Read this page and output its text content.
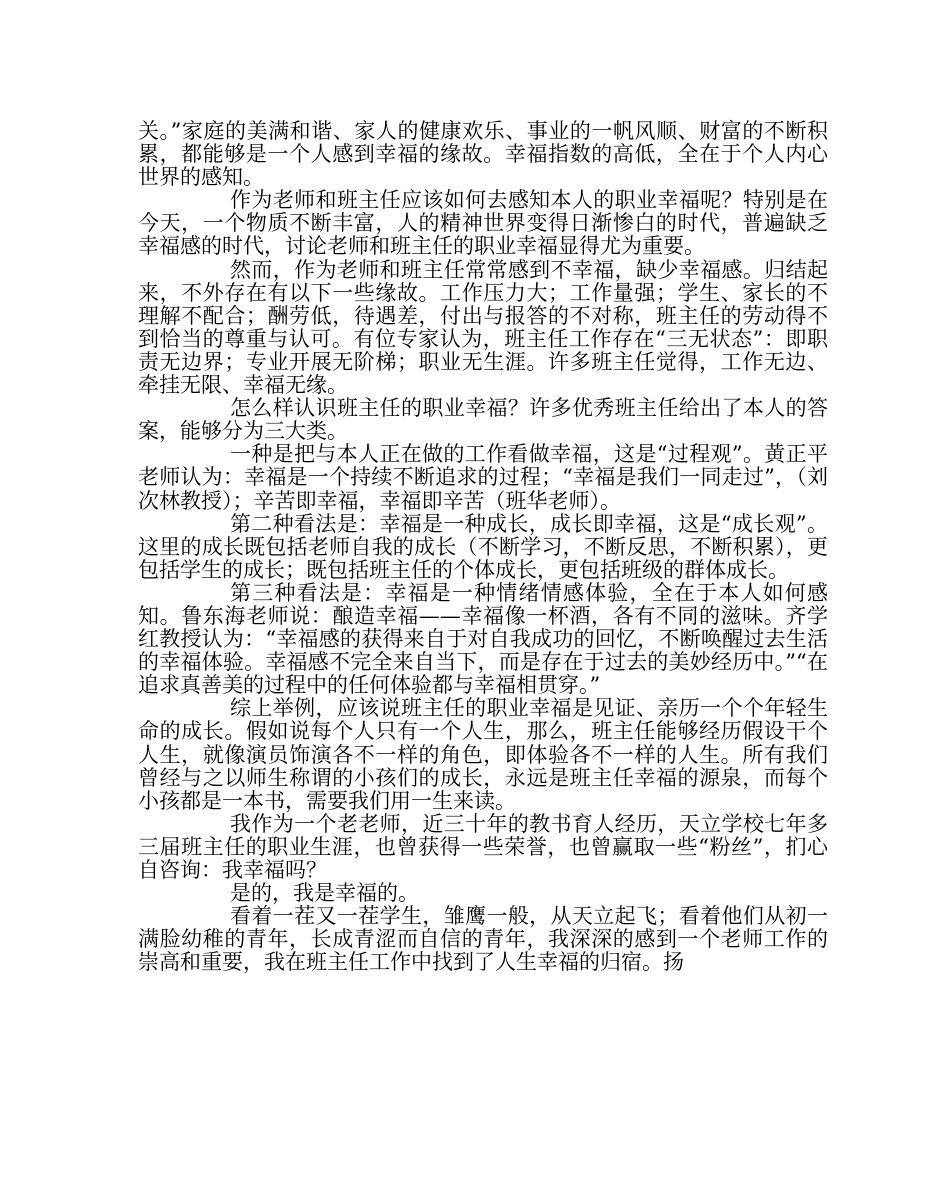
关。”家庭的美满和谐、家人的健康欢乐、事业的一帆风顺、财富的不断积累，都能够是一个人感到幸福的缘故。幸福指数的高低，全在于个人内心世界的感知。

作为老师和班主任应该如何去感知本人的职业幸福呢？特别是在今天，一个物质不断丰富，人的精神世界变得日渐惨白的时代，普遍缺乏幸福感的时代，讨论老师和班主任的职业幸福显得尤为重要。

然而，作为老师和班主任常常感到不幸福，缺少幸福感。归结起来，不外存在有以下一些缘故。工作压力大；工作量强；学生、家长的不理解不配合；酬劳低，待遇差，付出与报答的不对称，班主任的劳动得不到恰当的尊重与认可。有位专家认为，班主任工作存在“三无状态”：即职责无边界；专业开展无阶梯；职业无生涯。许多班主任觉得，工作无边、牵挂无限、幸福无缘。

怎么样认识班主任的职业幸福？许多优秀班主任给出了本人的答案，能够分为三大类。

一种是把与本人正在做的工作看做幸福，这是“过程观”。黄正平老师认为：幸福是一个持续不断追求的过程；“幸福是我们一同走过”，（刘次林教授）；辛苦即幸福，幸福即辛苦（班华老师）。

第二种看法是：幸福是一种成长，成长即幸福，这是“成长观”。这里的成长既包括老师自我的成长（不断学习，不断反思，不断积累），更包括学生的成长；既包括班主任的个体成长，更包括班级的群体成长。

第三种看法是：幸福是一种情绪情感体验，全在于本人如何感知。鲁东海老师说：酿造幸福——幸福像一杯酒，各有不同的滋味。齐学红教授认为：“幸福感的获得来自于对自我成功的回忆，不断唤醒过去生活的幸福体验。幸福感不完全来自当下，而是存在于过去的美妙经历中。”“在追求真善美的过程中的任何体验都与幸福相贯穿。”

综上举例，应该说班主任的职业幸福是见证、亲历一个个年轻生命的成长。假如说每个人只有一个人生，那么，班主任能够经历假设干个人生，就像演员饰演各不一样的角色，即体验各不一样的人生。所有我们曾经与之以师生称谓的小孩们的成长，永远是班主任幸福的源泉，而每个小孩都是一本书，需要我们用一生来读。

我作为一个老老师，近三十年的教书育人经历，天立学校七年多三届班主任的职业生涯，也曾获得一些荣誉，也曾赢取一些“粉丝”，扪心自咨询：我幸福吗？

是的，我是幸福的。

看着一茬又一茬学生，雏鹰一般，从天立起飞；看着他们从初一满脸幼稚的青年，长成青涩而自信的青年，我深深的感到一个老师工作的崇高和重要，我在班主任工作中找到了人生幸福的归宿。扬
